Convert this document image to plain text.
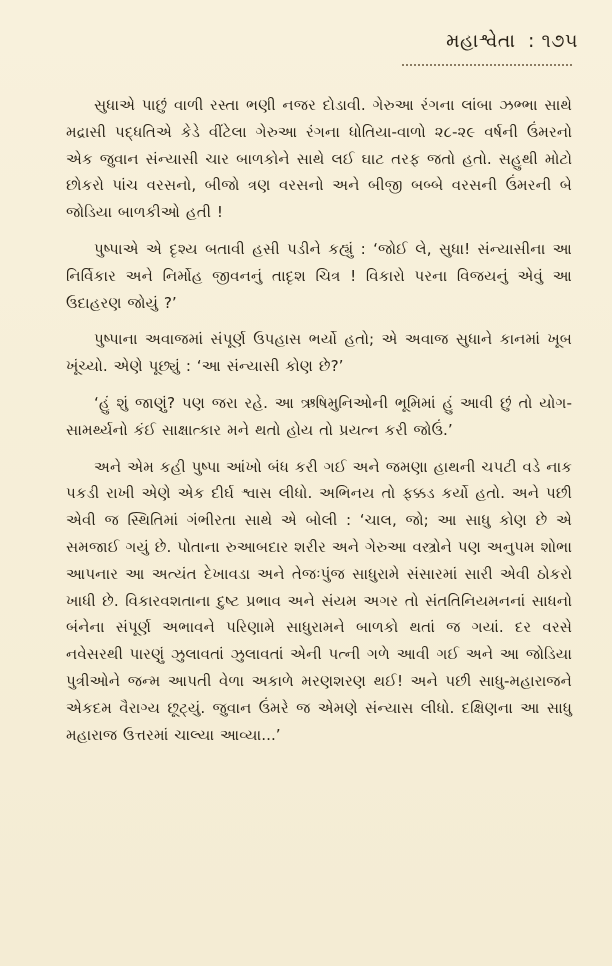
મહાશ્વેતા : ૧૭૫

સુધાએ પાછું વાળી રસ્તા ભણી નજર દોડાવી. ગેરુઆ રંગના લાંબા ઝભ્ભા સાથે મદ્રાસી પદ્ધતિએ કેડે વીંટેલા ગેરુઆ રંગના ધોતિયા-વાળો ૨૮-૨૯ વર્ષની ઉંમરનો એક જુવાન સંન્યાસી ચાર બાળકોને સાથે લઈ ઘાટ તરફ જતો હતો. સહુથી મોટો છોકરો પાંચ વરસનો, બીજો ત્રણ વરસનો અને બીજી બબ્બે વરસની ઉંમરની બે જોડિયા બાળકીઓ હતી !

પુષ્પાએ એ દૃશ્ય બતાવી હસી પડીને કહ્યું : ‘જોઈ લે, સુધા! સંન્યાસીના આ નિર્વિકાર અને નિર્મોહ જીવનનું તાદૃશ ચિત્ર ! વિકારો પરના વિજયનું એવું આ ઉદાહરણ જોયું ?’

પુષ્પાના અવાજમાં સંપૂર્ણ ઉપહાસ ભર્યો હતો; એ અવાજ સુધાને કાનમાં ખૂબ ખૂંચ્યો. એણે પૂછ્યું : ‘આ સંન્યાસી કોણ છે?’

‘હું શું જાણું? પણ જરા રહે. આ ઋષિમુનિઓની ભૂમિમાં હું આવી છું તો યોગ-સામર્થ્યનો કંઈ સાક્ષાત્કાર મને થતો હોય તો પ્રયત્ન કરી જોઉં.’

અને એમ કહી પુષ્પા આંખો બંધ કરી ગઈ અને જમણા હાથની ચપટી વડે નાક પકડી રાખી એણે એક દીર્ઘ શ્વાસ લીધો. અભિનય તો ફક્કડ કર્યો હતો. અને પછી એવી જ સ્થિતિમાં ગંભીરતા સાથે એ બોલી : ‘ચાલ, જો; આ સાધુ કોણ છે એ સમજાઈ ગયું છે. પોતાના રુઆબદાર શરીર અને ગેરુઆ વસ્ત્રોને પણ અનુપમ શોભા આપનાર આ અત્યંત દેખાવડા અને તેજઃપુંજ સાધુરામે સંસારમાં સારી એવી ઠોકરો ખાધી છે. વિકારવશતાના દુષ્ટ પ્રભાવ અને સંયમ અગર તો સંતતિનિયમનનાં સાધનો બંનેના સંપૂર્ણ અભાવને પરિણામે સાધુરામને બાળકો થતાં જ ગયાં. દર વરસે નવેસરથી પારણું ઝુલાવતાં ઝુલાવતાં એની પત્ની ગળે આવી ગઈ અને આ જોડિયા પુત્રીઓને જન્મ આપતી વેળા અકાળે મરણશરણ થઈ! અને પછી સાધુ-મહારાજને એકદમ વૈરાગ્ય છૂટ્યું. જુવાન ઉંમરે જ એમણે સંન્યાસ લીધો. દક્ષિણના આ સાધુ મહારાજ ઉત્તરમાં ચાલ્યા આવ્યા...’
